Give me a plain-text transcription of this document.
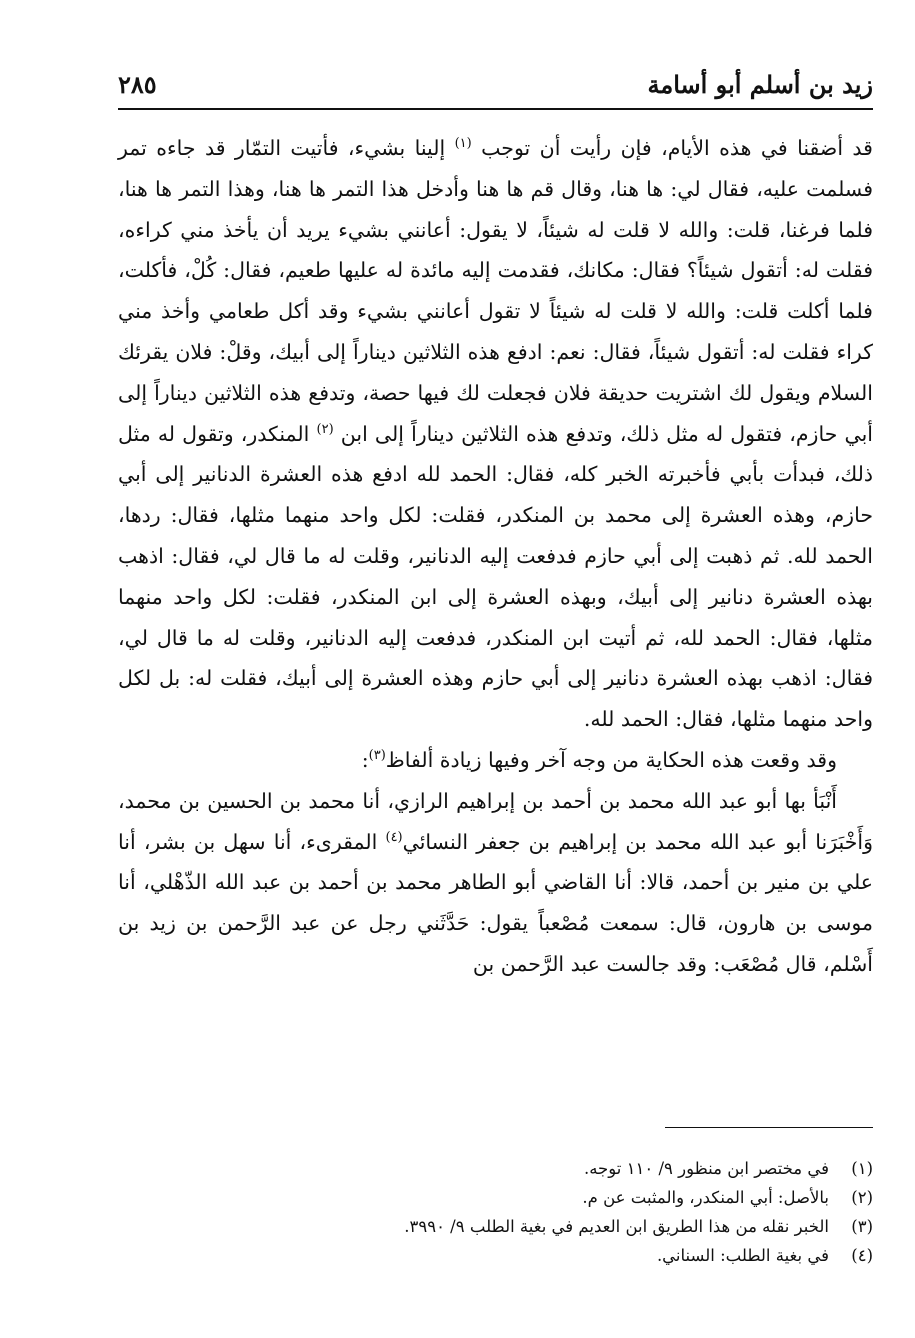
زيد بن أسلم أبو أسامة
٢٨٥

قد أضقنا في هذه الأيام، فإن رأيت أن توجب $^{(١)}$ إلينا بشيء، فأتيت التمّار قد جاءه تمر فسلمت عليه، فقال لي: ها هنا، وقال قم ها هنا وأدخل هذا التمر ها هنا، وهذا التمر ها هنا، فلما فرغنا، قلت: والله لا قلت له شيئاً، لا يقول: أعانني بشيء يريد أن يأخذ مني كراءه، فقلت له: أتقول شيئاً؟ فقال: مكانك، فقدمت إليه مائدة له عليها طعيم، فقال: كُلْ، فأكلت، فلما أكلت قلت: والله لا قلت له شيئاً لا تقول أعانني بشيء وقد أكل طعامي وأخذ مني كراء فقلت له: أتقول شيئاً، فقال: نعم: ادفع هذه الثلاثين ديناراً إلى أبيك، وقلْ: فلان يقرئك السلام ويقول لك اشتريت حديقة فلان فجعلت لك فيها حصة، وتدفع هذه الثلاثين ديناراً إلى أبي حازم، فتقول له مثل ذلك، وتدفع هذه الثلاثين ديناراً إلى ابن $^{(٢)}$ المنكدر، وتقول له مثل ذلك، فبدأت بأبي فأخبرته الخبر كله، فقال: الحمد لله ادفع هذه العشرة الدنانير إلى أبي حازم، وهذه العشرة إلى محمد بن المنكدر، فقلت: لكل واحد منهما مثلها، فقال: ردها، الحمد لله. ثم ذهبت إلى أبي حازم فدفعت إليه الدنانير، وقلت له ما قال لي، فقال: اذهب بهذه العشرة دنانير إلى أبيك، وبهذه العشرة إلى ابن المنكدر، فقلت: لكل واحد منهما مثلها، فقال: الحمد لله، ثم أتيت ابن المنكدر، فدفعت إليه الدنانير، وقلت له ما قال لي، فقال: اذهب بهذه العشرة دنانير إلى أبي حازم وهذه العشرة إلى أبيك، فقلت له: بل لكل واحد منهما مثلها، فقال: الحمد لله.

وقد وقعت هذه الحكاية من وجه آخر وفيها زيادة ألفاظ$^{(٣)}$:

أَنْبَأ بها أبو عبد الله محمد بن أحمد بن إبراهيم الرازي، أنا محمد بن الحسين بن محمد، وَأَخْبَرَنا أبو عبد الله محمد بن إبراهيم بن جعفر النسائي$^{(٤)}$ المقرىء، أنا سهل بن بشر، أنا علي بن منير بن أحمد، قالا: أنا القاضي أبو الطاهر محمد بن أحمد بن عبد الله الذّهْلي، أنا موسى بن هارون، قال: سمعت مُصْعباً يقول: حَدَّثَني رجل عن عبد الرَّحمن بن زيد بن أَسْلم، قال مُصْعَب: وقد جالست عبد الرَّحمن بن

(١)في مختصر ابن منظور ٩/ ١١٠ توجه.
(٢)بالأصل: أبي المنكدر، والمثبت عن م.
(٣)الخبر نقله من هذا الطريق ابن العديم في بغية الطلب ٩/ ٣٩٩٠.
(٤)في بغية الطلب: السناني.
